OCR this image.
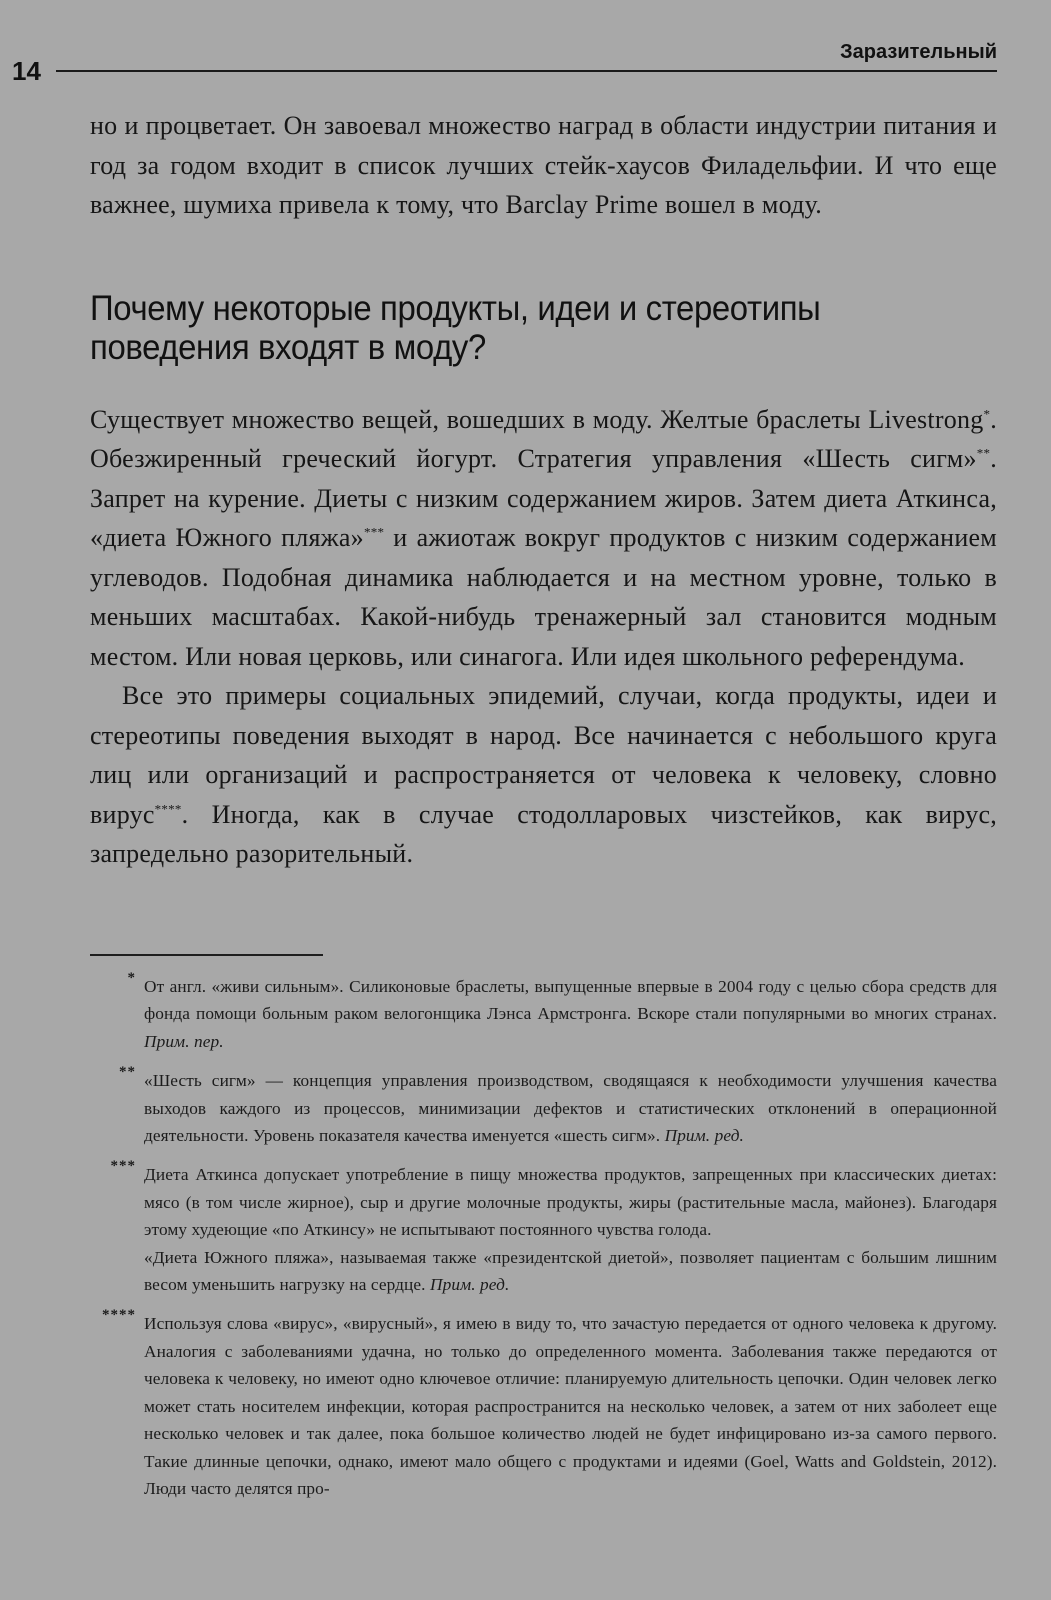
14
Заразительный

но и процветает. Он завоевал множество наград в области индустрии питания и год за годом входит в список лучших стейк-хаусов Филадельфии. И что еще важнее, шумиха привела к тому, что Barclay Prime вошел в моду.

Почему некоторые продукты, идеи и стереотипы
поведения входят в моду?

Существует множество вещей, вошедших в моду. Желтые браслеты Livestrong*. Обезжиренный греческий йогурт. Стратегия управления «Шесть сигм»**. Запрет на курение. Диеты с низким содержанием жиров. Затем диета Аткинса, «диета Южного пляжа»*** и ажиотаж вокруг продуктов с низким содержанием углеводов. Подобная динамика наблюдается и на местном уровне, только в меньших масштабах. Какой-нибудь тренажерный зал становится модным местом. Или новая церковь, или синагога. Или идея школьного референдума.

Все это примеры социальных эпидемий, случаи, когда продукты, идеи и стереотипы поведения выходят в народ. Все начинается с небольшого круга лиц или организаций и распространяется от человека к человеку, словно вирус****. Иногда, как в случае стодолларовых чизстейков, как вирус, запредельно разорительный.

* От англ. «живи сильным». Силиконовые браслеты, выпущенные впервые в 2004 году с целью сбора средств для фонда помощи больным раком велогонщика Лэнса Армстронга. Вскоре стали популярными во многих странах. Прим. пер.

** «Шесть сигм» — концепция управления производством, сводящаяся к необходимости улучшения качества выходов каждого из процессов, минимизации дефектов и статистических отклонений в операционной деятельности. Уровень показателя качества именуется «шесть сигм». Прим. ред.

*** Диета Аткинса допускает употребление в пищу множества продуктов, запрещенных при классических диетах: мясо (в том числе жирное), сыр и другие молочные продукты, жиры (растительные масла, майонез). Благодаря этому худеющие «по Аткинсу» не испытывают постоянного чувства голода.

«Диета Южного пляжа», называемая также «президентской диетой», позволяет пациентам с большим лишним весом уменьшить нагрузку на сердце. Прим. ред.

**** Используя слова «вирус», «вирусный», я имею в виду то, что зачастую передается от одного человека к другому. Аналогия с заболеваниями удачна, но только до определенного момента. Заболевания также передаются от человека к человеку, но имеют одно ключевое отличие: планируемую длительность цепочки. Один человек легко может стать носителем инфекции, которая распространится на несколько человек, а затем от них заболеет еще несколько человек и так далее, пока большое количество людей не будет инфицировано из-за самого первого. Такие длинные цепочки, однако, имеют мало общего с продуктами и идеями (Goel, Watts and Goldstein, 2012). Люди часто делятся про-
